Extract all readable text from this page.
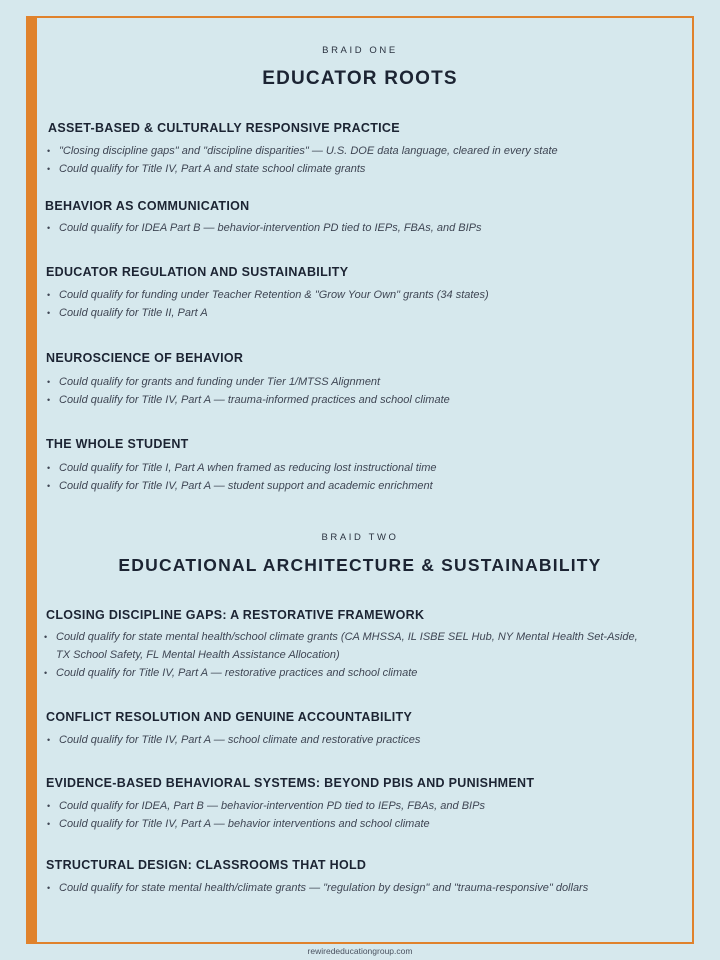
BRAID ONE
EDUCATOR ROOTS
ASSET-BASED & CULTURALLY RESPONSIVE PRACTICE
• "Closing discipline gaps" and "discipline disparities" — U.S. DOE data language, cleared in every state
• Could qualify for Title IV, Part A and state school climate grants
BEHAVIOR AS COMMUNICATION
• Could qualify for IDEA Part B — behavior-intervention PD tied to IEPs, FBAs, and BIPs
EDUCATOR REGULATION AND SUSTAINABILITY
• Could qualify for funding under Teacher Retention & "Grow Your Own" grants (34 states)
• Could qualify for Title II, Part A
NEUROSCIENCE OF BEHAVIOR
• Could qualify for grants and funding under Tier 1/MTSS Alignment
• Could qualify for Title IV, Part A — trauma-informed practices and school climate
THE WHOLE STUDENT
• Could qualify for Title I, Part A when framed as reducing lost instructional time
• Could qualify for Title IV, Part A — student support and academic enrichment
BRAID TWO
EDUCATIONAL ARCHITECTURE & SUSTAINABILITY
CLOSING DISCIPLINE GAPS: A RESTORATIVE FRAMEWORK
• Could qualify for state mental health/school climate grants (CA MHSSA, IL ISBE SEL Hub, NY Mental Health Set-Aside,
TX School Safety, FL Mental Health Assistance Allocation)
• Could qualify for Title IV, Part A — restorative practices and school climate
CONFLICT RESOLUTION AND GENUINE ACCOUNTABILITY
• Could qualify for Title IV, Part A — school climate and restorative practices
EVIDENCE-BASED BEHAVIORAL SYSTEMS: BEYOND PBIS AND PUNISHMENT
• Could qualify for IDEA, Part B — behavior-intervention PD tied to IEPs, FBAs, and BIPs
• Could qualify for Title IV, Part A — behavior interventions and school climate
STRUCTURAL DESIGN: CLASSROOMS THAT HOLD
• Could qualify for state mental health/climate grants — "regulation by design" and "trauma-responsive" dollars
rewirededucationgroup.com
